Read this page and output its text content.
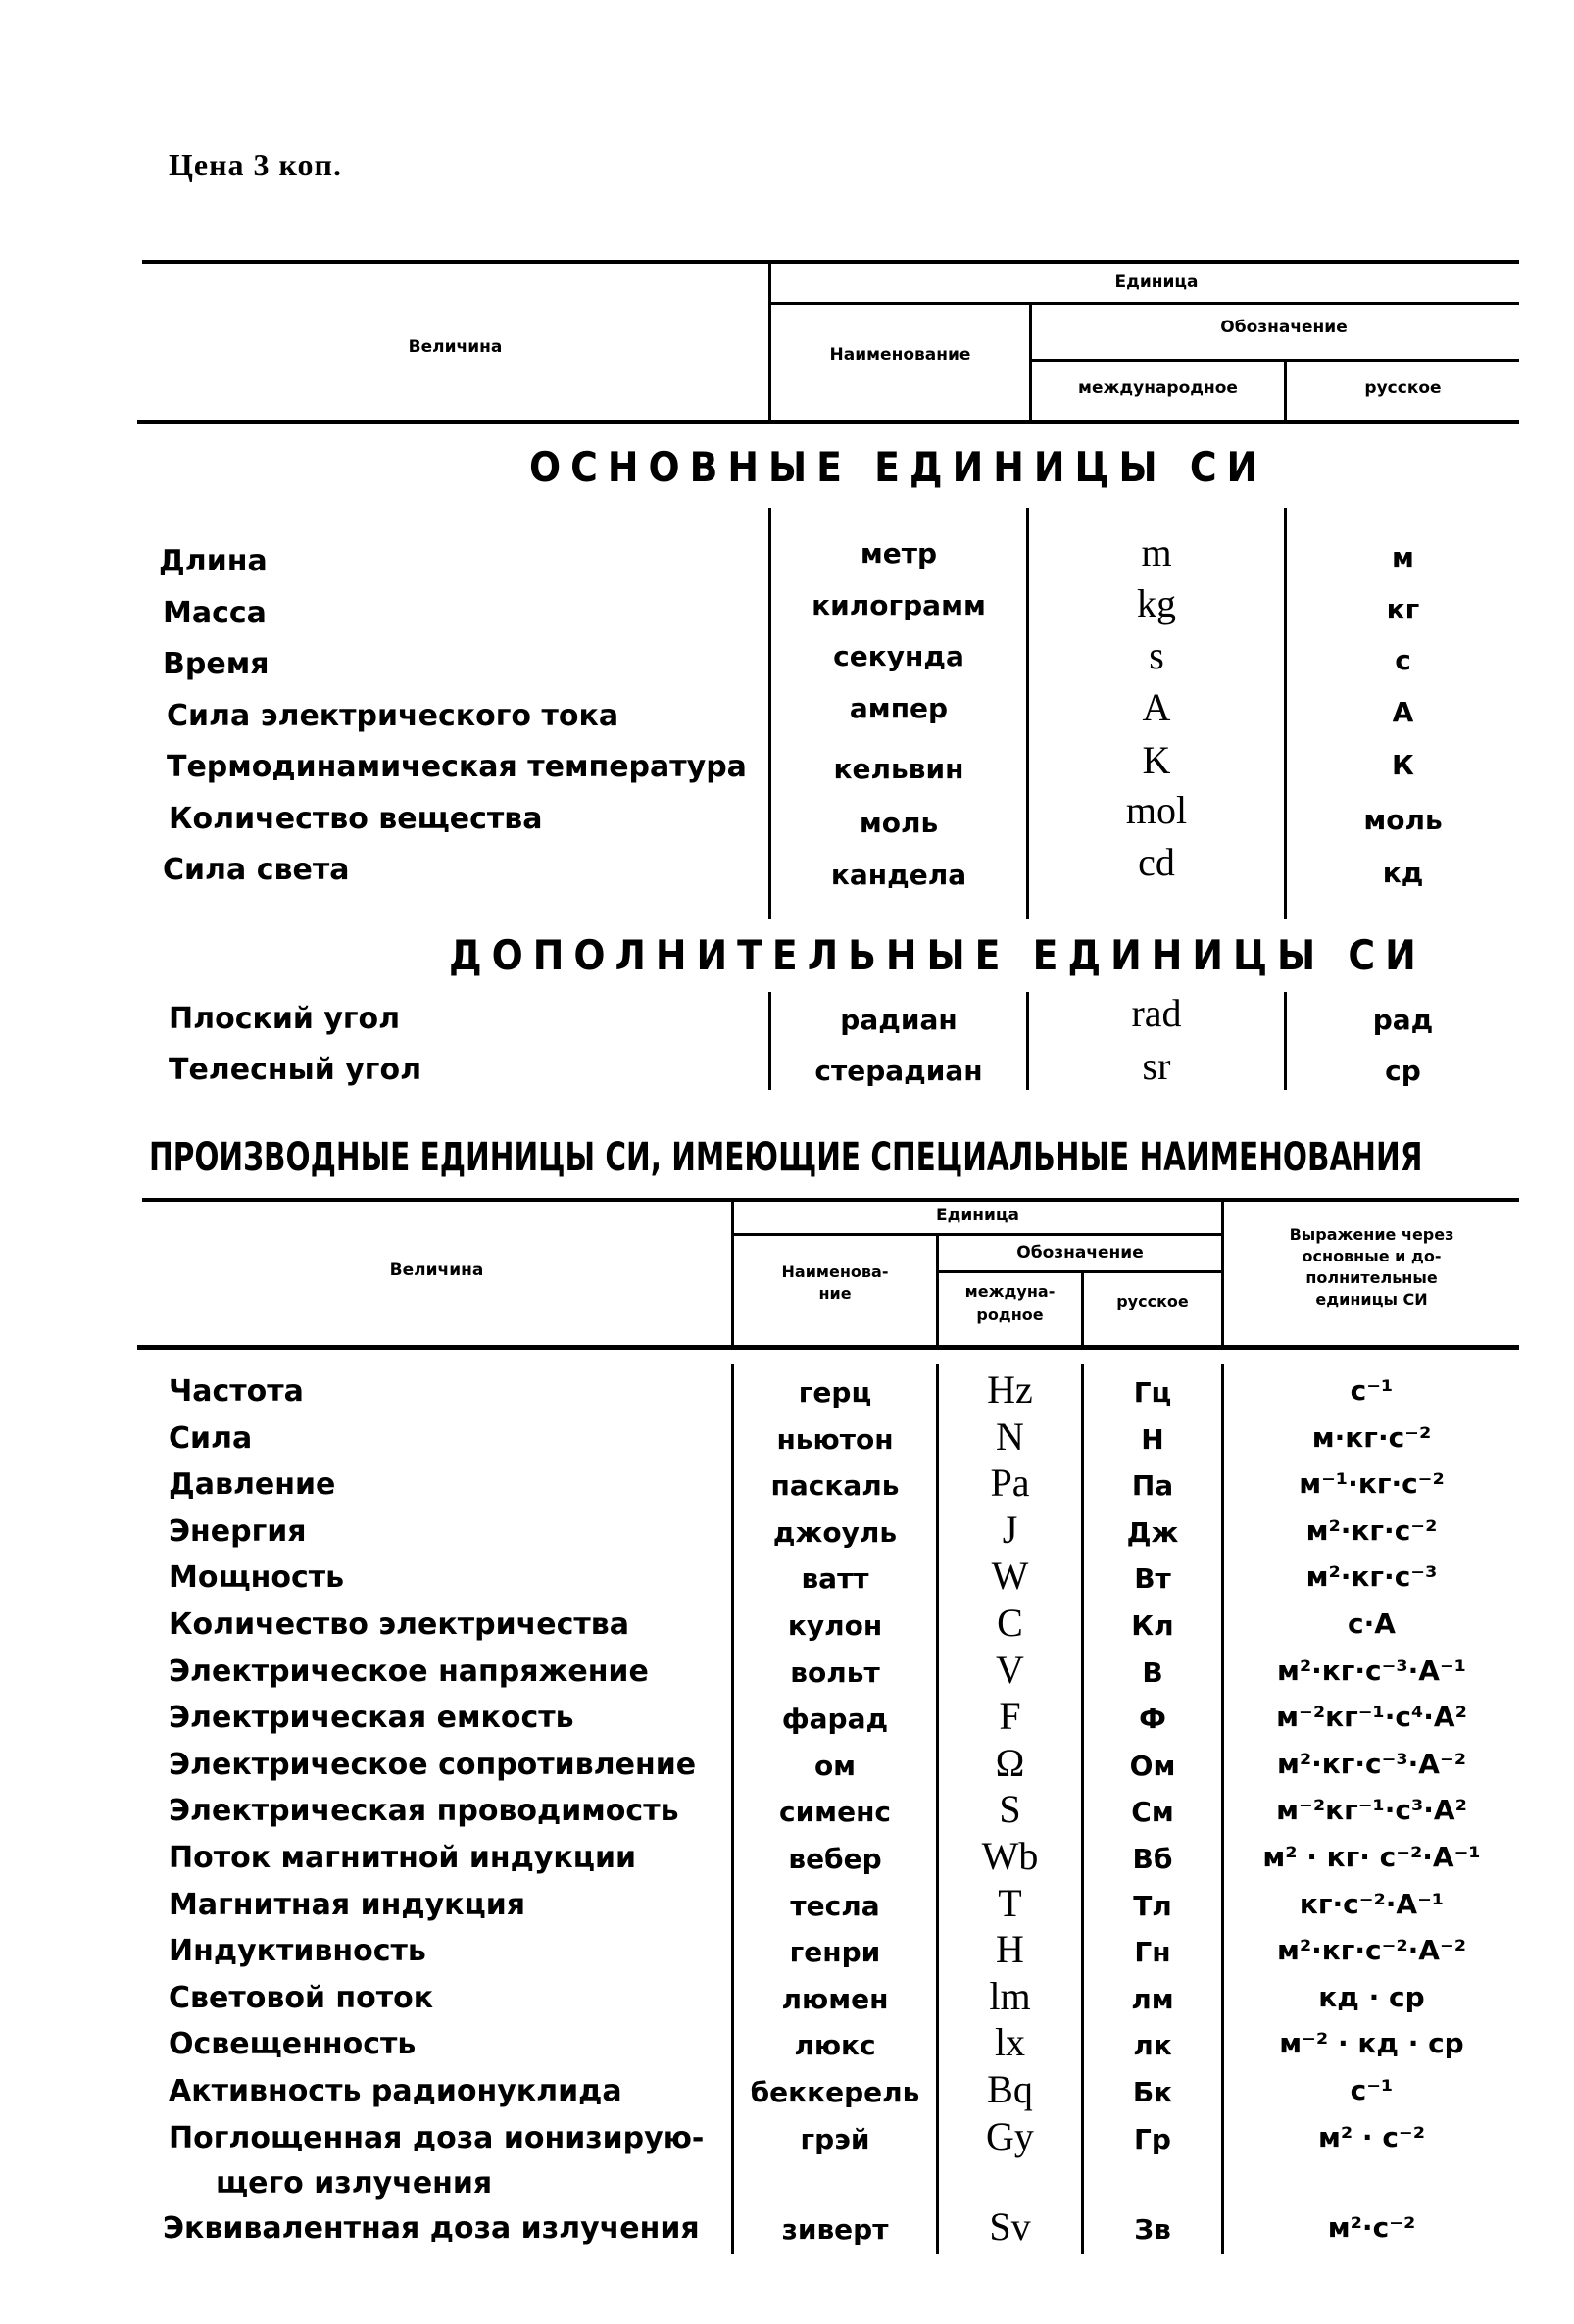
Цена 3 коп.
Величина
Единица
Наименование
Обозначение
международное	русское
ОСНОВНЫЕ ЕДИНИЦЫ СИ
Длина	метр	m	м
Масса	килограмм	kg	кг
Время	секунда	s	с
Сила электрического тока	ампер	A	А
Термодинамическая температура	кельвин	K	К
Количество вещества	моль	mol	моль
Сила света	кандела	cd	кд
ДОПОЛНИТЕЛЬНЫЕ ЕДИНИЦЫ СИ
Плоский угол	радиан	rad	рад
Телесный угол	стерадиан	sr	ср
ПРОИЗВОДНЫЕ ЕДИНИЦЫ СИ, ИМЕЮЩИЕ СПЕЦИАЛЬНЫЕ НАИМЕНОВАНИЯ
Величина
Единица
Наименова-
ние
Обозначение
междуна-
родное
русское
Выражение через
основные и до-
полнительные
единицы СИ
Частота	герц	Hz	Гц	с⁻¹
Сила	ньютон	N	Н	м·кг·с⁻²
Давление	паскаль	Pa	Па	м⁻¹·кг·с⁻²
Энергия	джоуль	J	Дж	м²·кг·с⁻²
Мощность	ватт	W	Вт	м²·кг·с⁻³
Количество электричества	кулон	C	Кл	с·А
Электрическое напряжение	вольт	V	В	м²·кг·с⁻³·А⁻¹
Электрическая емкость	фарад	F	Ф	м⁻²кг⁻¹·с⁴·А²
Электрическое сопротивление	ом	Ω	Ом	м²·кг·с⁻³·А⁻²
Электрическая проводимость	сименс	S	См	м⁻²кг⁻¹·с³·А²
Поток магнитной индукции	вебер	Wb	Вб	м² · кг· с⁻²·А⁻¹
Магнитная индукция	тесла	T	Тл	кг·с⁻²·А⁻¹
Индуктивность	генри	H	Гн	м²·кг·с⁻²·А⁻²
Световой поток	люмен	lm	лм	кд · ср
Освещенность	люкс	lx	лк	м⁻² · кд · ср
Активность радионуклида	беккерель	Bq	Бк	с⁻¹
Поглощенная доза ионизирую-
щего излучения
грэй	Gy	Гр	м² · с⁻²
Эквивалентная доза излучения	зиверт	Sv	Зв	м²·с⁻²
